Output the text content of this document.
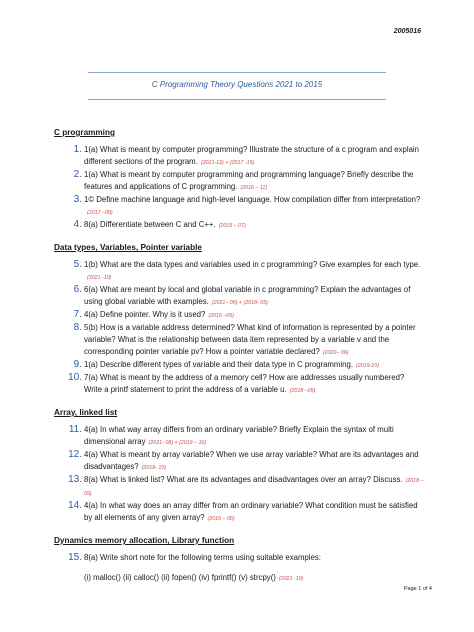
2005016
C Programming Theory Questions 2021 to 2015
C programming
1 . 1(a) What is meant by computer programming? Illustrate the structure of a c program and explain different sections of the program. (2021-12) + (2017 -15)
2 . 1(a) What is meant by computer programming and programming language? Briefly describe the features and applications of C programming. (2016 – 11)
3 . 1© Define machine language and high-level language. How compilation differ from interpretation?(2017 –08)
4 . 8(a) Differentiate between C and C++. (2015 – 07)
Data types, Variables, Pointer variable
5 . 1(b) What are the data types and variables used in c programming? Give examples for each type.(2021 -10)
6 . 6(a) What are meant by local and global variable in c programming? Explain the advantages of using global variable with examples. (2021– 06) + (2018- 05)
7 . 4(a) Define pointer. Why is it used? (2015 –05)
8 . 5(b) How is a variable address determined? What kind of information is represented by a pointer variable? What is the relationship between data item represented by a variable v and the corresponding pointer variable pv? How a pointer variable declared? (2020– 06)
9 . 1(a) Describe different types of variable and their data type in C programming. (2019-10)
10 . 7(a) What is meant by the address of a memory cell? How are addresses usually numbered? Write a printf statement to print the address of a variable u. (2018 –05)
Array, linked list
11 . 4(a) In what way array differs from an ordinary variable? Briefly Explain the syntax of multi dimensional array (2021- 08) + (2019 – 10)
12 . 4(a) What is meant by array variable? When we use array variable? What are its advantages and disadvantages? (2018- 10)
13 . 8(a) What is linked list? What are its advantages and disadvantages over an array? Discuss. (2018 –05)
14 . 4(a) In what way does an array differ from an ordinary variable? What condition must be satisfied by all elements of any given array? (2016 – 06)
Dynamics memory allocation, Library function
15 . 8(a) Write short note for the following terms using suitable examples:
(i) malloc() (ii) calloc() (ii) fopen() (iv) fprintf() (v) strcpy() (2021- 10)
Page 1 of 4
